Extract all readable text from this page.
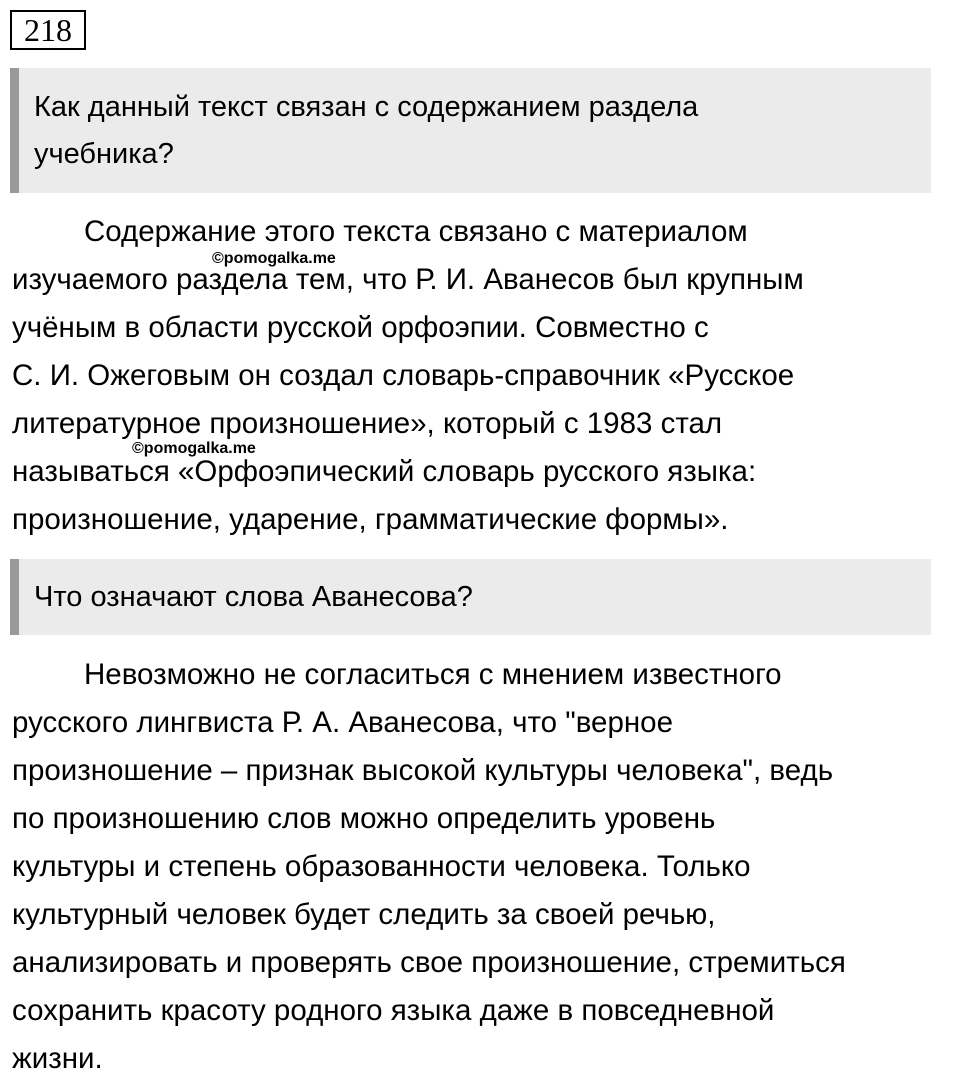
218
Как данный текст связан с содержанием раздела
учебника?

Содержание этого текста связано с материалом
изучаемого раздела тем, что Р. И. Аванесов был крупным
учёным в области русской орфоэпии. Совместно с
С. И. Ожеговым он создал словарь-справочник «Русское
литературное произношение», который с 1983 стал
называться «Орфоэпический словарь русского языка:
произношение, ударение, грамматические формы».

©pomogalka.me
©pomogalka.me
Что означают слова Аванесова?

Невозможно не согласиться с мнением известного
русского лингвиста Р. А. Аванесова, что "верное
произношение – признак высокой культуры человека", ведь
по произношению слов можно определить уровень
культуры и степень образованности человека. Только
культурный человек будет следить за своей речью,
анализировать и проверять свое произношение, стремиться
сохранить красоту родного языка даже в повседневной
жизни.
